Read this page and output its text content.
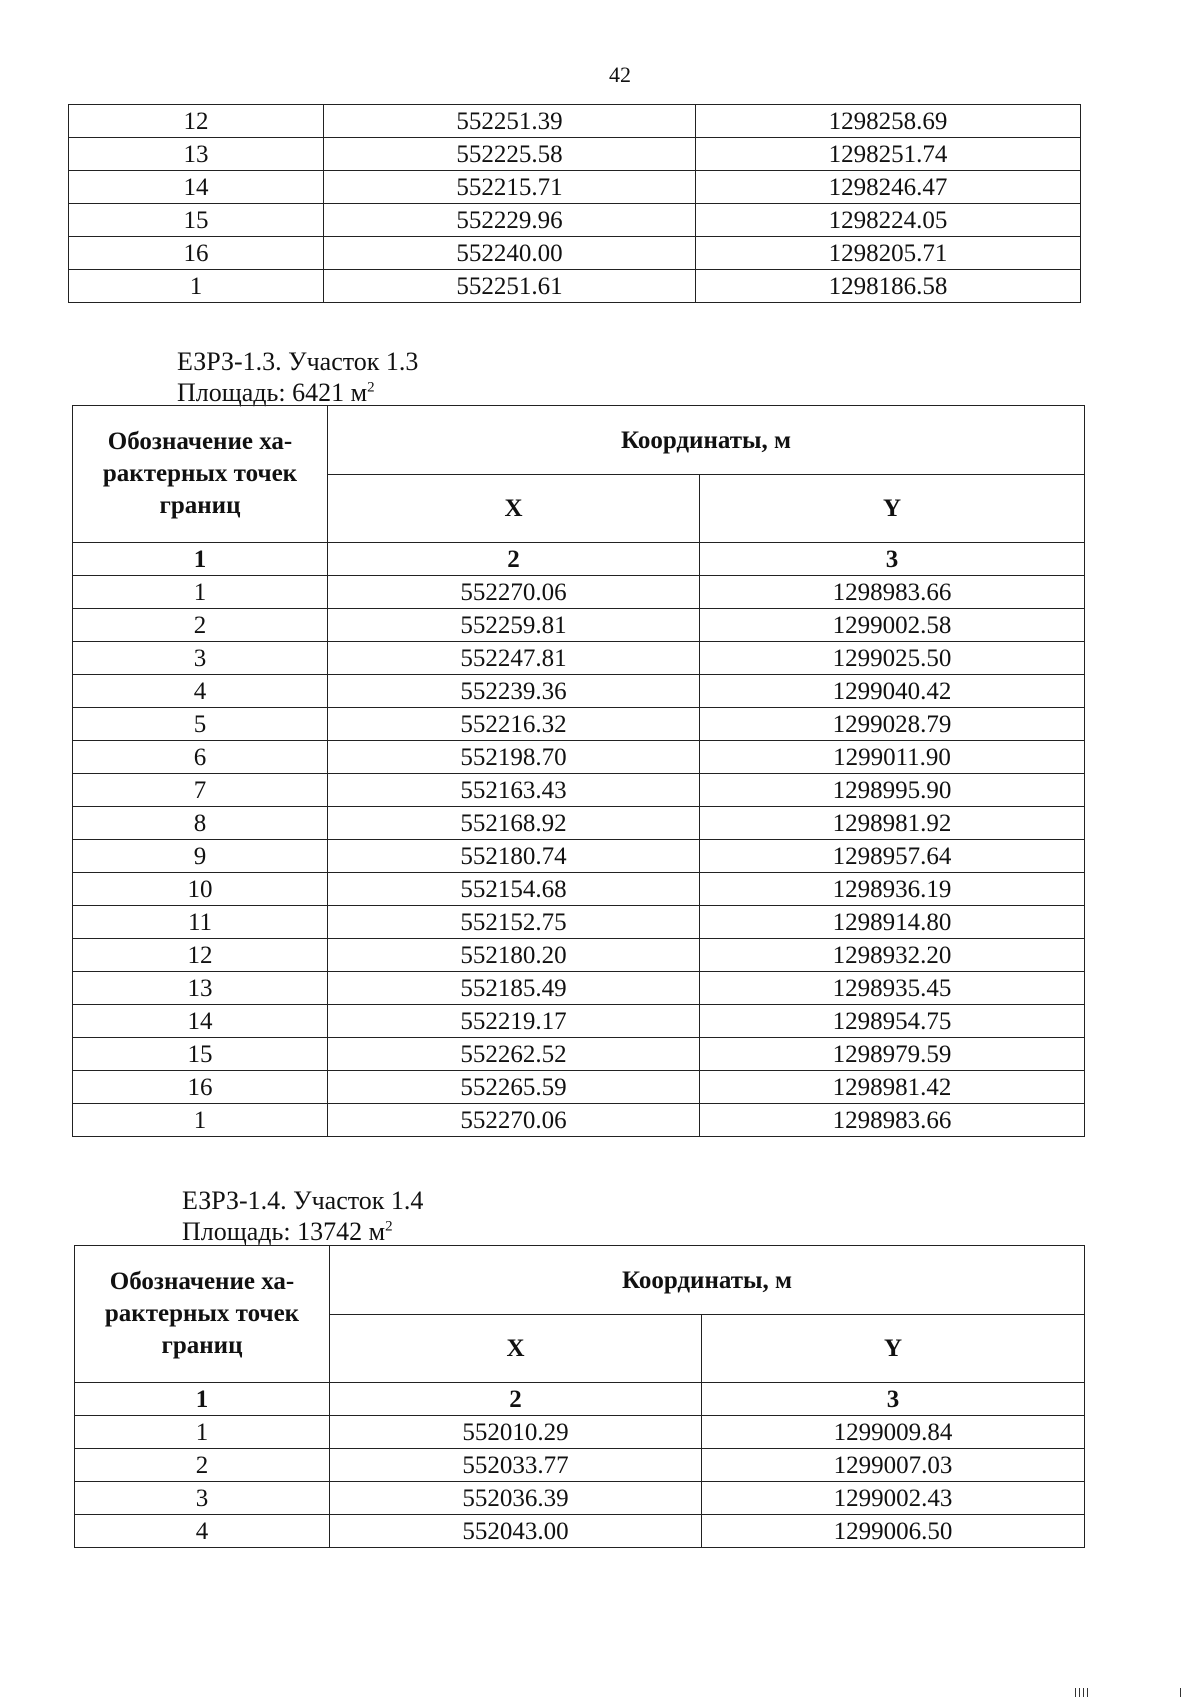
42
12	552251.39	1298258.69
13	552225.58	1298251.74
14	552215.71	1298246.47
15	552229.96	1298224.05
16	552240.00	1298205.71
1	552251.61	1298186.58
ЕЗРЗ-1.3. Участок 1.3
Площадь: 6421 $м^2$
Обозначение ха-рактерных точек границ	Координаты, м	
	X	Y
1	2	3
1	552270.06	1298983.66
2	552259.81	1299002.58
3	552247.81	1299025.50
4	552239.36	1299040.42
5	552216.32	1299028.79
6	552198.70	1299011.90
7	552163.43	1298995.90
8	552168.92	1298981.92
9	552180.74	1298957.64
10	552154.68	1298936.19
11	552152.75	1298914.80
12	552180.20	1298932.20
13	552185.49	1298935.45
14	552219.17	1298954.75
15	552262.52	1298979.59
16	552265.59	1298981.42
1	552270.06	1298983.66
ЕЗРЗ-1.4. Участок 1.4
Площадь: 13742 $м^2$
Обозначение ха-рактерных точек границ	Координаты, м	
	X	Y
1	2	3
1	552010.29	1299009.84
2	552033.77	1299007.03
3	552036.39	1299002.43
4	552043.00	1299006.50
